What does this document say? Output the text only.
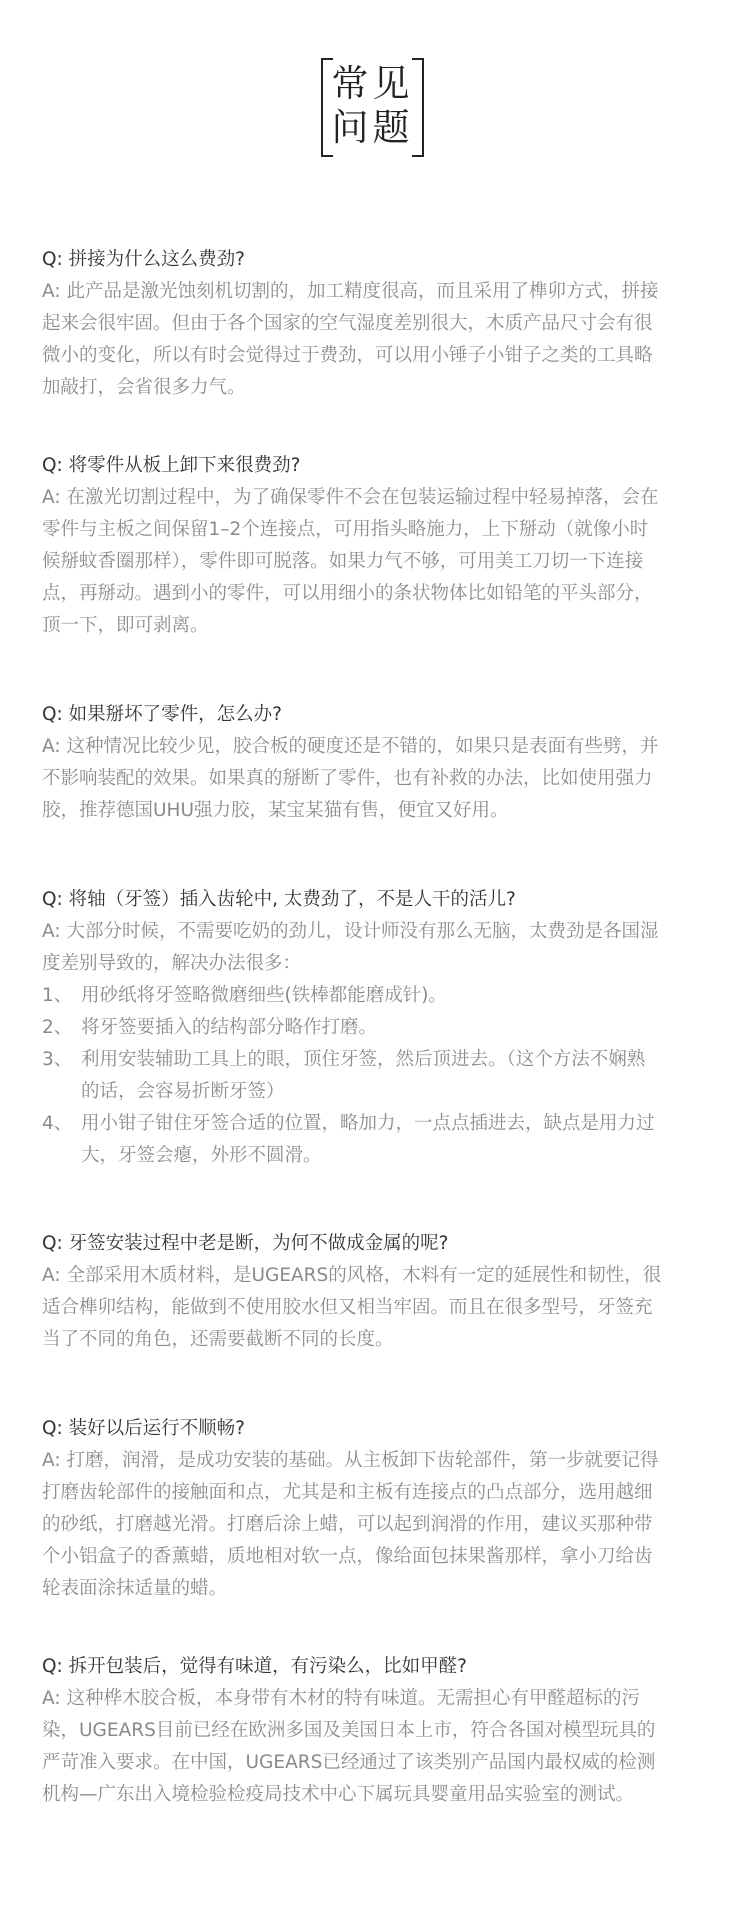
常见
问题
Q: 拼接为什么这么费劲?
A: 此产品是激光蚀刻机切割的，加工精度很高，而且采用了榫卯方式，拼接
起来会很牢固。但由于各个国家的空气湿度差别很大，木质产品尺寸会有很
微小的变化，所以有时会觉得过于费劲，可以用小锤子小钳子之类的工具略
加敲打，会省很多力气。
Q: 将零件从板上卸下来很费劲?
A: 在激光切割过程中，为了确保零件不会在包装运输过程中轻易掉落，会在
零件与主板之间保留1–2个连接点，可用指头略施力，上下掰动（就像小时
候掰蚊香圈那样），零件即可脱落。如果力气不够，可用美工刀切一下连接
点，再掰动。遇到小的零件，可以用细小的条状物体比如铅笔的平头部分，
顶一下，即可剥离。
Q: 如果掰坏了零件，怎么办?
A: 这种情况比较少见，胶合板的硬度还是不错的，如果只是表面有些劈，并
不影响装配的效果。如果真的掰断了零件，也有补救的办法，比如使用强力
胶，推荐德国UHU强力胶，某宝某猫有售，便宜又好用。
Q: 将轴（牙签）插入齿轮中, 太费劲了，不是人干的活儿?
A: 大部分时候，不需要吃奶的劲儿，设计师没有那么无脑，太费劲是各国湿
度差别导致的，解决办法很多：
1、 用砂纸将牙签略微磨细些(铁棒都能磨成针)。
2、 将牙签要插入的结构部分略作打磨。
3、 利用安装辅助工具上的眼，顶住牙签，然后顶进去。（这个方法不娴熟
的话，会容易折断牙签）
4、 用小钳子钳住牙签合适的位置，略加力，一点点插进去，缺点是用力过
大，牙签会瘪，外形不圆滑。
Q: 牙签安装过程中老是断，为何不做成金属的呢?
A: 全部采用木质材料，是UGEARS的风格，木料有一定的延展性和韧性，很
适合榫卯结构，能做到不使用胶水但又相当牢固。而且在很多型号，牙签充
当了不同的角色，还需要截断不同的长度。
Q: 装好以后运行不顺畅?
A: 打磨，润滑，是成功安装的基础。从主板卸下齿轮部件，第一步就要记得
打磨齿轮部件的接触面和点，尤其是和主板有连接点的凸点部分，选用越细
的砂纸，打磨越光滑。打磨后涂上蜡，可以起到润滑的作用，建议买那种带
个小铝盒子的香薰蜡，质地相对软一点，像给面包抹果酱那样，拿小刀给齿
轮表面涂抹适量的蜡。
Q: 拆开包装后，觉得有味道，有污染么，比如甲醛?
A: 这种桦木胶合板，本身带有木材的特有味道。无需担心有甲醛超标的污
染，UGEARS目前已经在欧洲多国及美国日本上市，符合各国对模型玩具的
严苛准入要求。在中国，UGEARS已经通过了该类别产品国内最权威的检测
机构—广东出入境检验检疫局技术中心下属玩具婴童用品实验室的测试。
